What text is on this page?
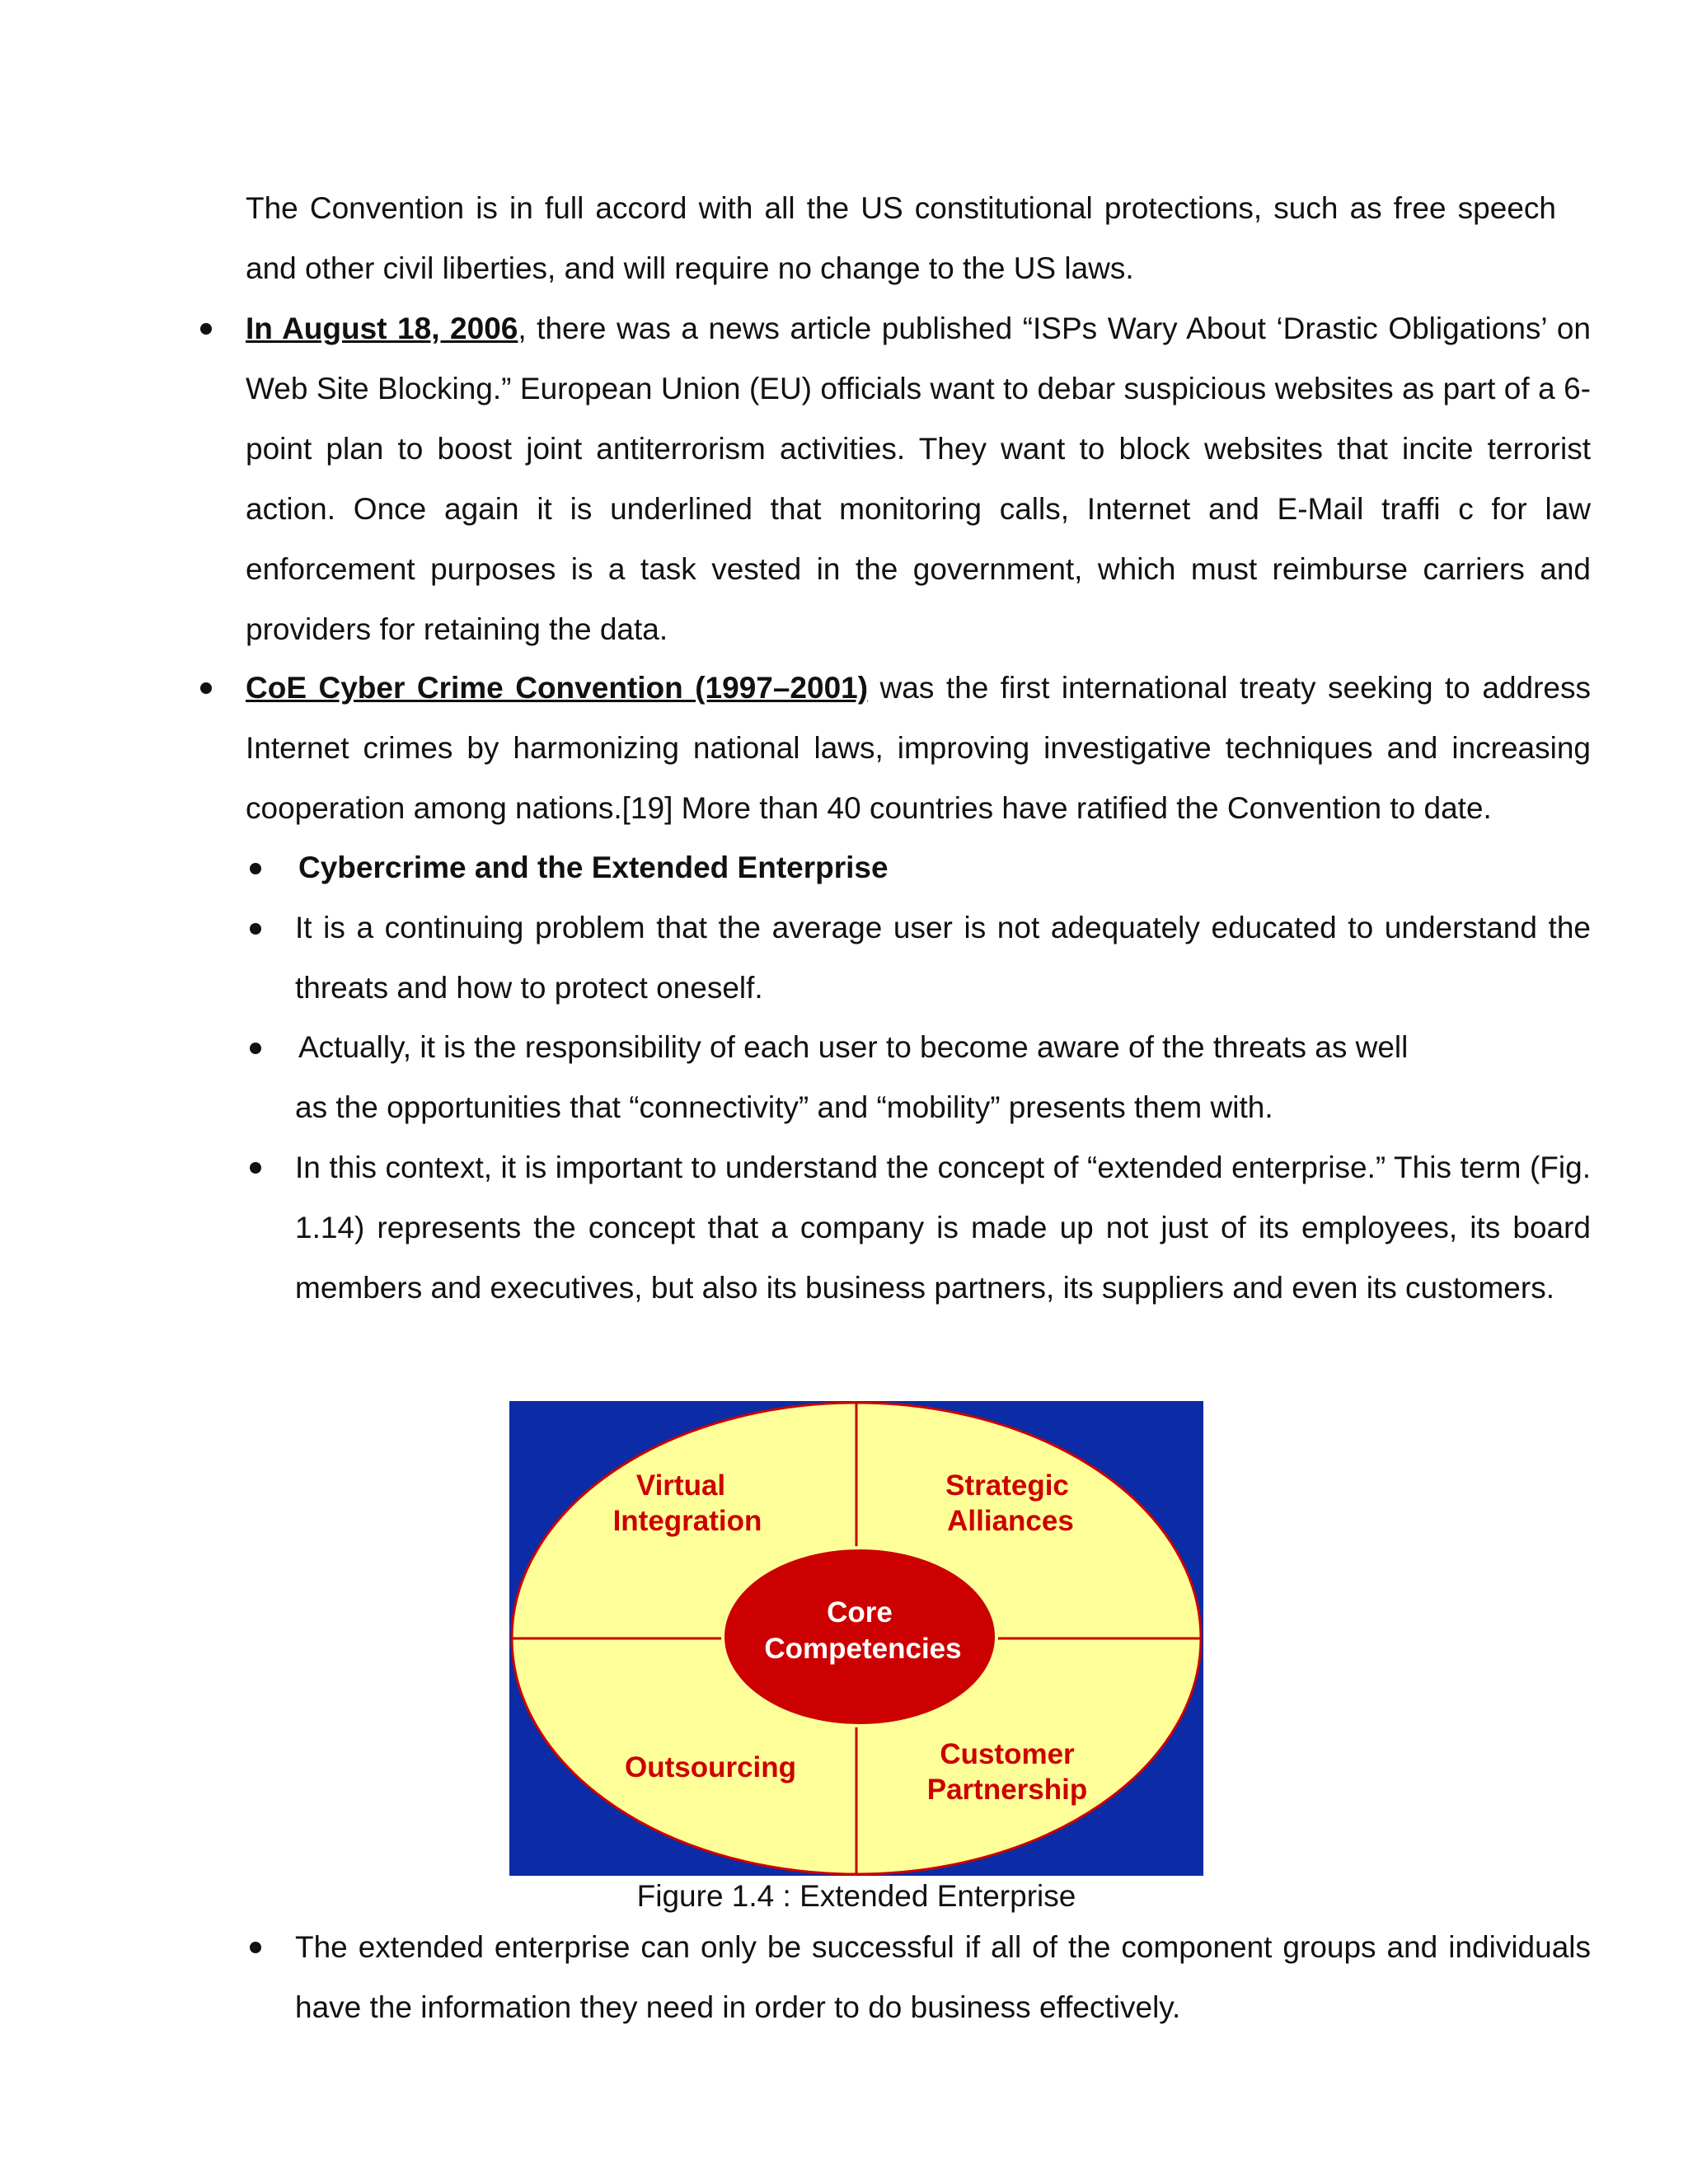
The Convention is in full accord with all the US constitutional protections, such as free speech and other civil liberties, and will require no change to the US laws.

In August 18, 2006, there was a news article published “ISPs Wary About ‘Drastic Obligations’ on Web Site Blocking.” European Union (EU) officials want to debar suspicious websites as part of a 6-point plan to boost joint antiterrorism activities. They want to block websites that incite terrorist action. Once again it is underlined that monitoring calls, Internet and E-Mail traffi c for law enforcement purposes is a task vested in the government, which must reimburse carriers and providers for retaining the data.

CoE Cyber Crime Convention (1997–2001) was the first international treaty seeking to address Internet crimes by harmonizing national laws, improving investigative techniques and increasing cooperation among nations.[19] More than 40 countries have ratified the Convention to date.

Cybercrime and the Extended Enterprise

It is a continuing problem that the average user is not adequately educated to understand the threats and how to protect oneself.

Actually, it is the responsibility of each user to become aware of the threats as well

as the opportunities that “connectivity” and “mobility” presents them with.

In this context, it is important to understand the concept of “extended enterprise.” This term (Fig. 1.14) represents the concept that a company is made up not just of its employees, its board members and executives, but also its business partners, its suppliers and even its customers.

Virtual
Integration
Strategic
Alliances
Outsourcing	Customer
Partnership
Core
Competencies
Figure 1.4 : Extended Enterprise

The extended enterprise can only be successful if all of the component groups and individuals have the information they need in order to do business effectively.
